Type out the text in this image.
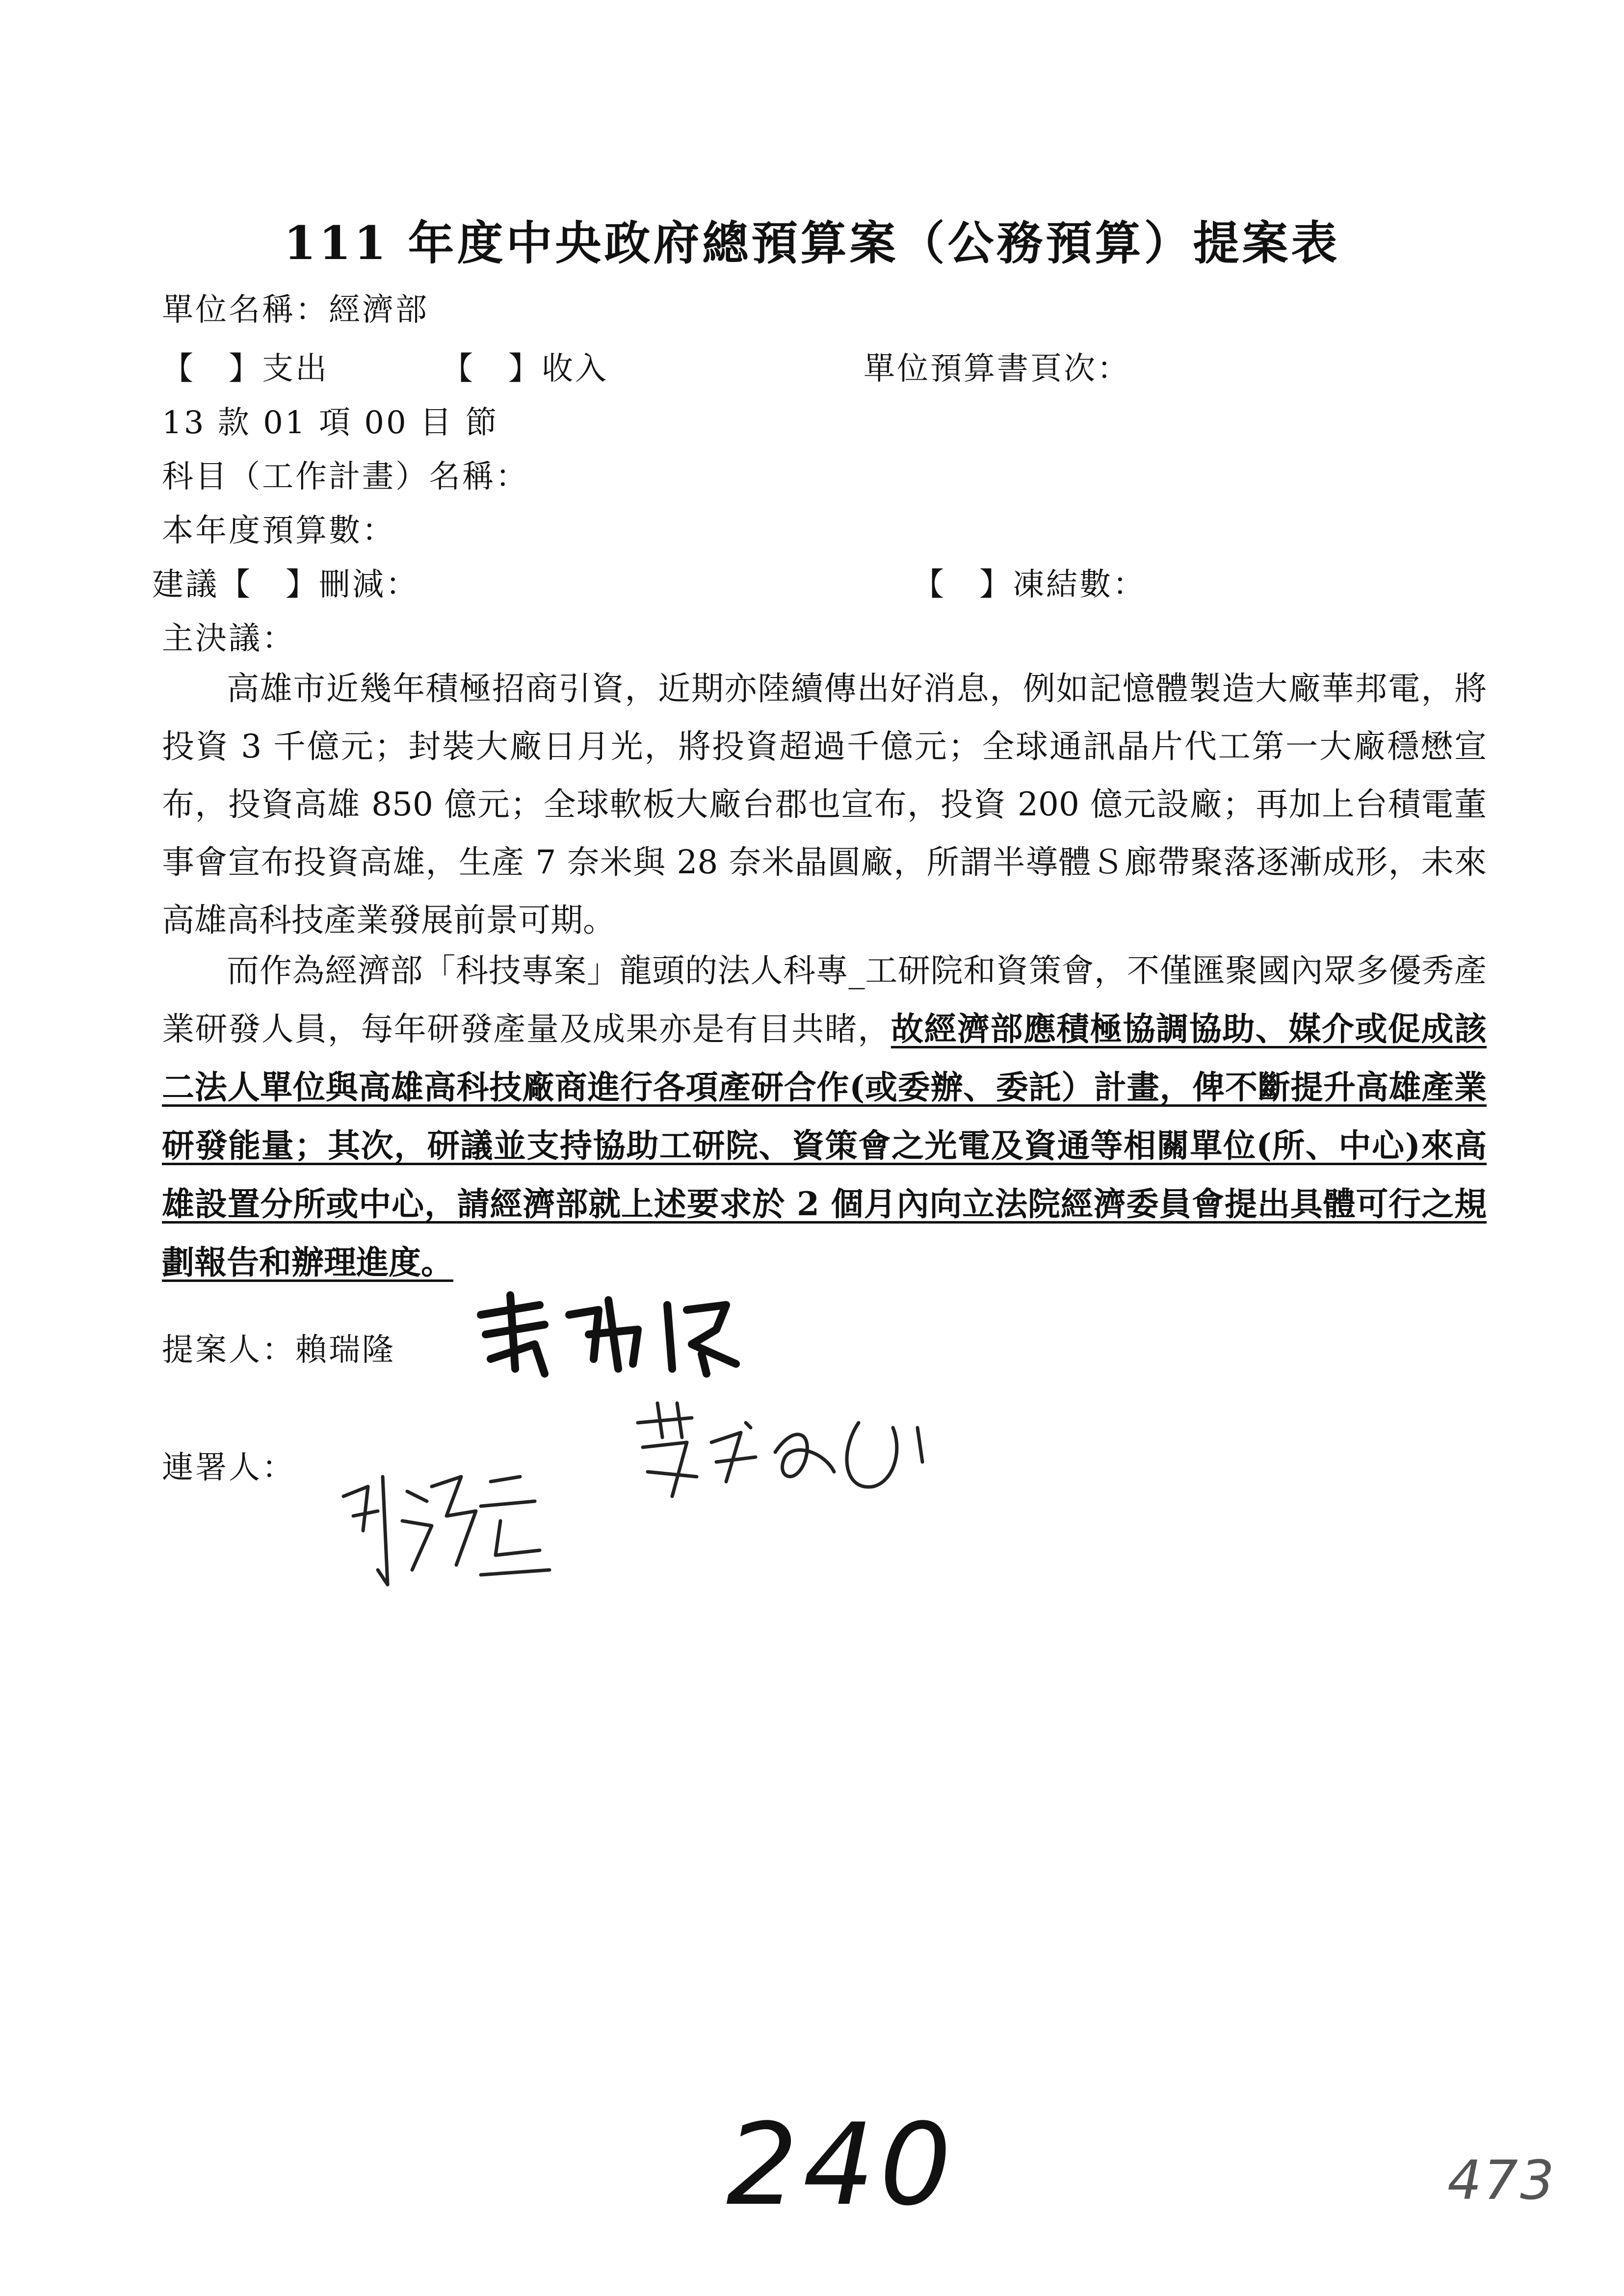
111 年度中央政府總預算案（公務預算）提案表
單位名稱：經濟部
【　】支出	【　】收入	單位預算書頁次：
13 款 01 項 00 目 節
科目（工作計畫）名稱：
本年度預算數：
建議【　】刪減：	【　】凍結數：
主決議：
高雄市近幾年積極招商引資，近期亦陸續傳出好消息，例如記憶體製造大廠華邦電，將投資 3 千億元；封裝大廠日月光，將投資超過千億元；全球通訊晶片代工第一大廠穩懋宣布，投資高雄 850 億元；全球軟板大廠台郡也宣布，投資 200 億元設廠；再加上台積電董事會宣布投資高雄，生產 7 奈米與 28 奈米晶圓廠，所謂半導體Ｓ廊帶聚落逐漸成形，未來高雄高科技產業發展前景可期。
而作為經濟部「科技專案」龍頭的法人科專_工研院和資策會，不僅匯聚國內眾多優秀產業研發人員，每年研發產量及成果亦是有目共睹，故經濟部應積極協調協助、媒介或促成該二法人單位與高雄高科技廠商進行各項產研合作(或委辦、委託）計畫，俾不斷提升高雄產業研發能量；其次，研議並支持協助工研院、資策會之光電及資通等相關單位(所、中心)來高雄設置分所或中心，請經濟部就上述要求於 2 個月內向立法院經濟委員會提出具體可行之規劃報告和辦理進度。
提案人：賴瑞隆
連署人：
240	473
